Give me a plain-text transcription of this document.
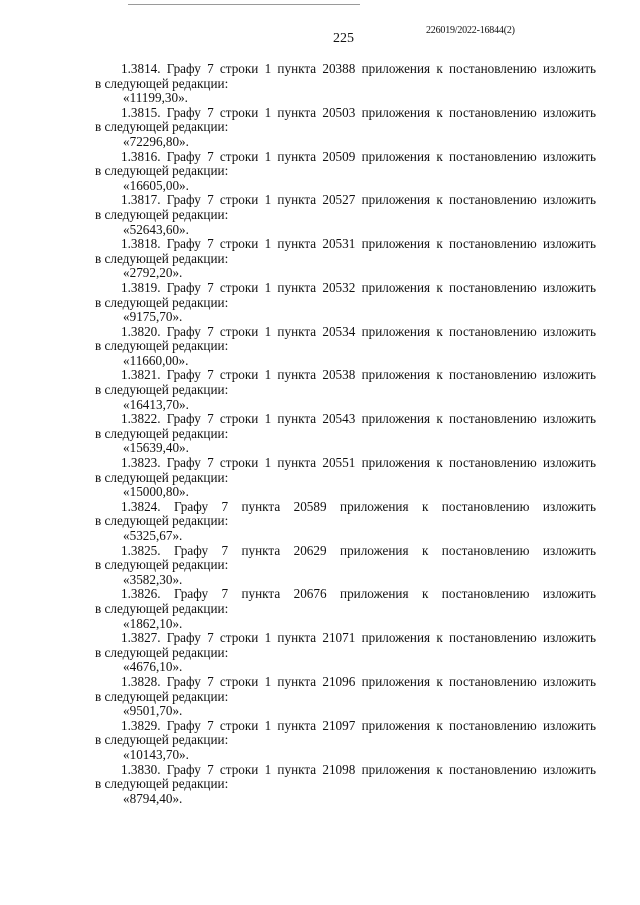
226019/2022-16844(2)
225
1.3814. Графу 7 строки 1 пункта 20388 приложения к постановлению изложить
в следующей редакции:
«11199,30».
1.3815. Графу 7 строки 1 пункта 20503 приложения к постановлению изложить
в следующей редакции:
«72296,80».
1.3816. Графу 7 строки 1 пункта 20509 приложения к постановлению изложить
в следующей редакции:
«16605,00».
1.3817. Графу 7 строки 1 пункта 20527 приложения к постановлению изложить
в следующей редакции:
«52643,60».
1.3818. Графу 7 строки 1 пункта 20531 приложения к постановлению изложить
в следующей редакции:
«2792,20».
1.3819. Графу 7 строки 1 пункта 20532 приложения к постановлению изложить
в следующей редакции:
«9175,70».
1.3820. Графу 7 строки 1 пункта 20534 приложения к постановлению изложить
в следующей редакции:
«11660,00».
1.3821. Графу 7 строки 1 пункта 20538 приложения к постановлению изложить
в следующей редакции:
«16413,70».
1.3822. Графу 7 строки 1 пункта 20543 приложения к постановлению изложить
в следующей редакции:
«15639,40».
1.3823. Графу 7 строки 1 пункта 20551 приложения к постановлению изложить
в следующей редакции:
«15000,80».
1.3824. Графу 7 пункта 20589 приложения к постановлению изложить
в следующей редакции:
«5325,67».
1.3825. Графу 7 пункта 20629 приложения к постановлению изложить
в следующей редакции:
«3582,30».
1.3826. Графу 7 пункта 20676 приложения к постановлению изложить
в следующей редакции:
«1862,10».
1.3827. Графу 7 строки 1 пункта 21071 приложения к постановлению изложить
в следующей редакции:
«4676,10».
1.3828. Графу 7 строки 1 пункта 21096 приложения к постановлению изложить
в следующей редакции:
«9501,70».
1.3829. Графу 7 строки 1 пункта 21097 приложения к постановлению изложить
в следующей редакции:
«10143,70».
1.3830. Графу 7 строки 1 пункта 21098 приложения к постановлению изложить
в следующей редакции:
«8794,40».
